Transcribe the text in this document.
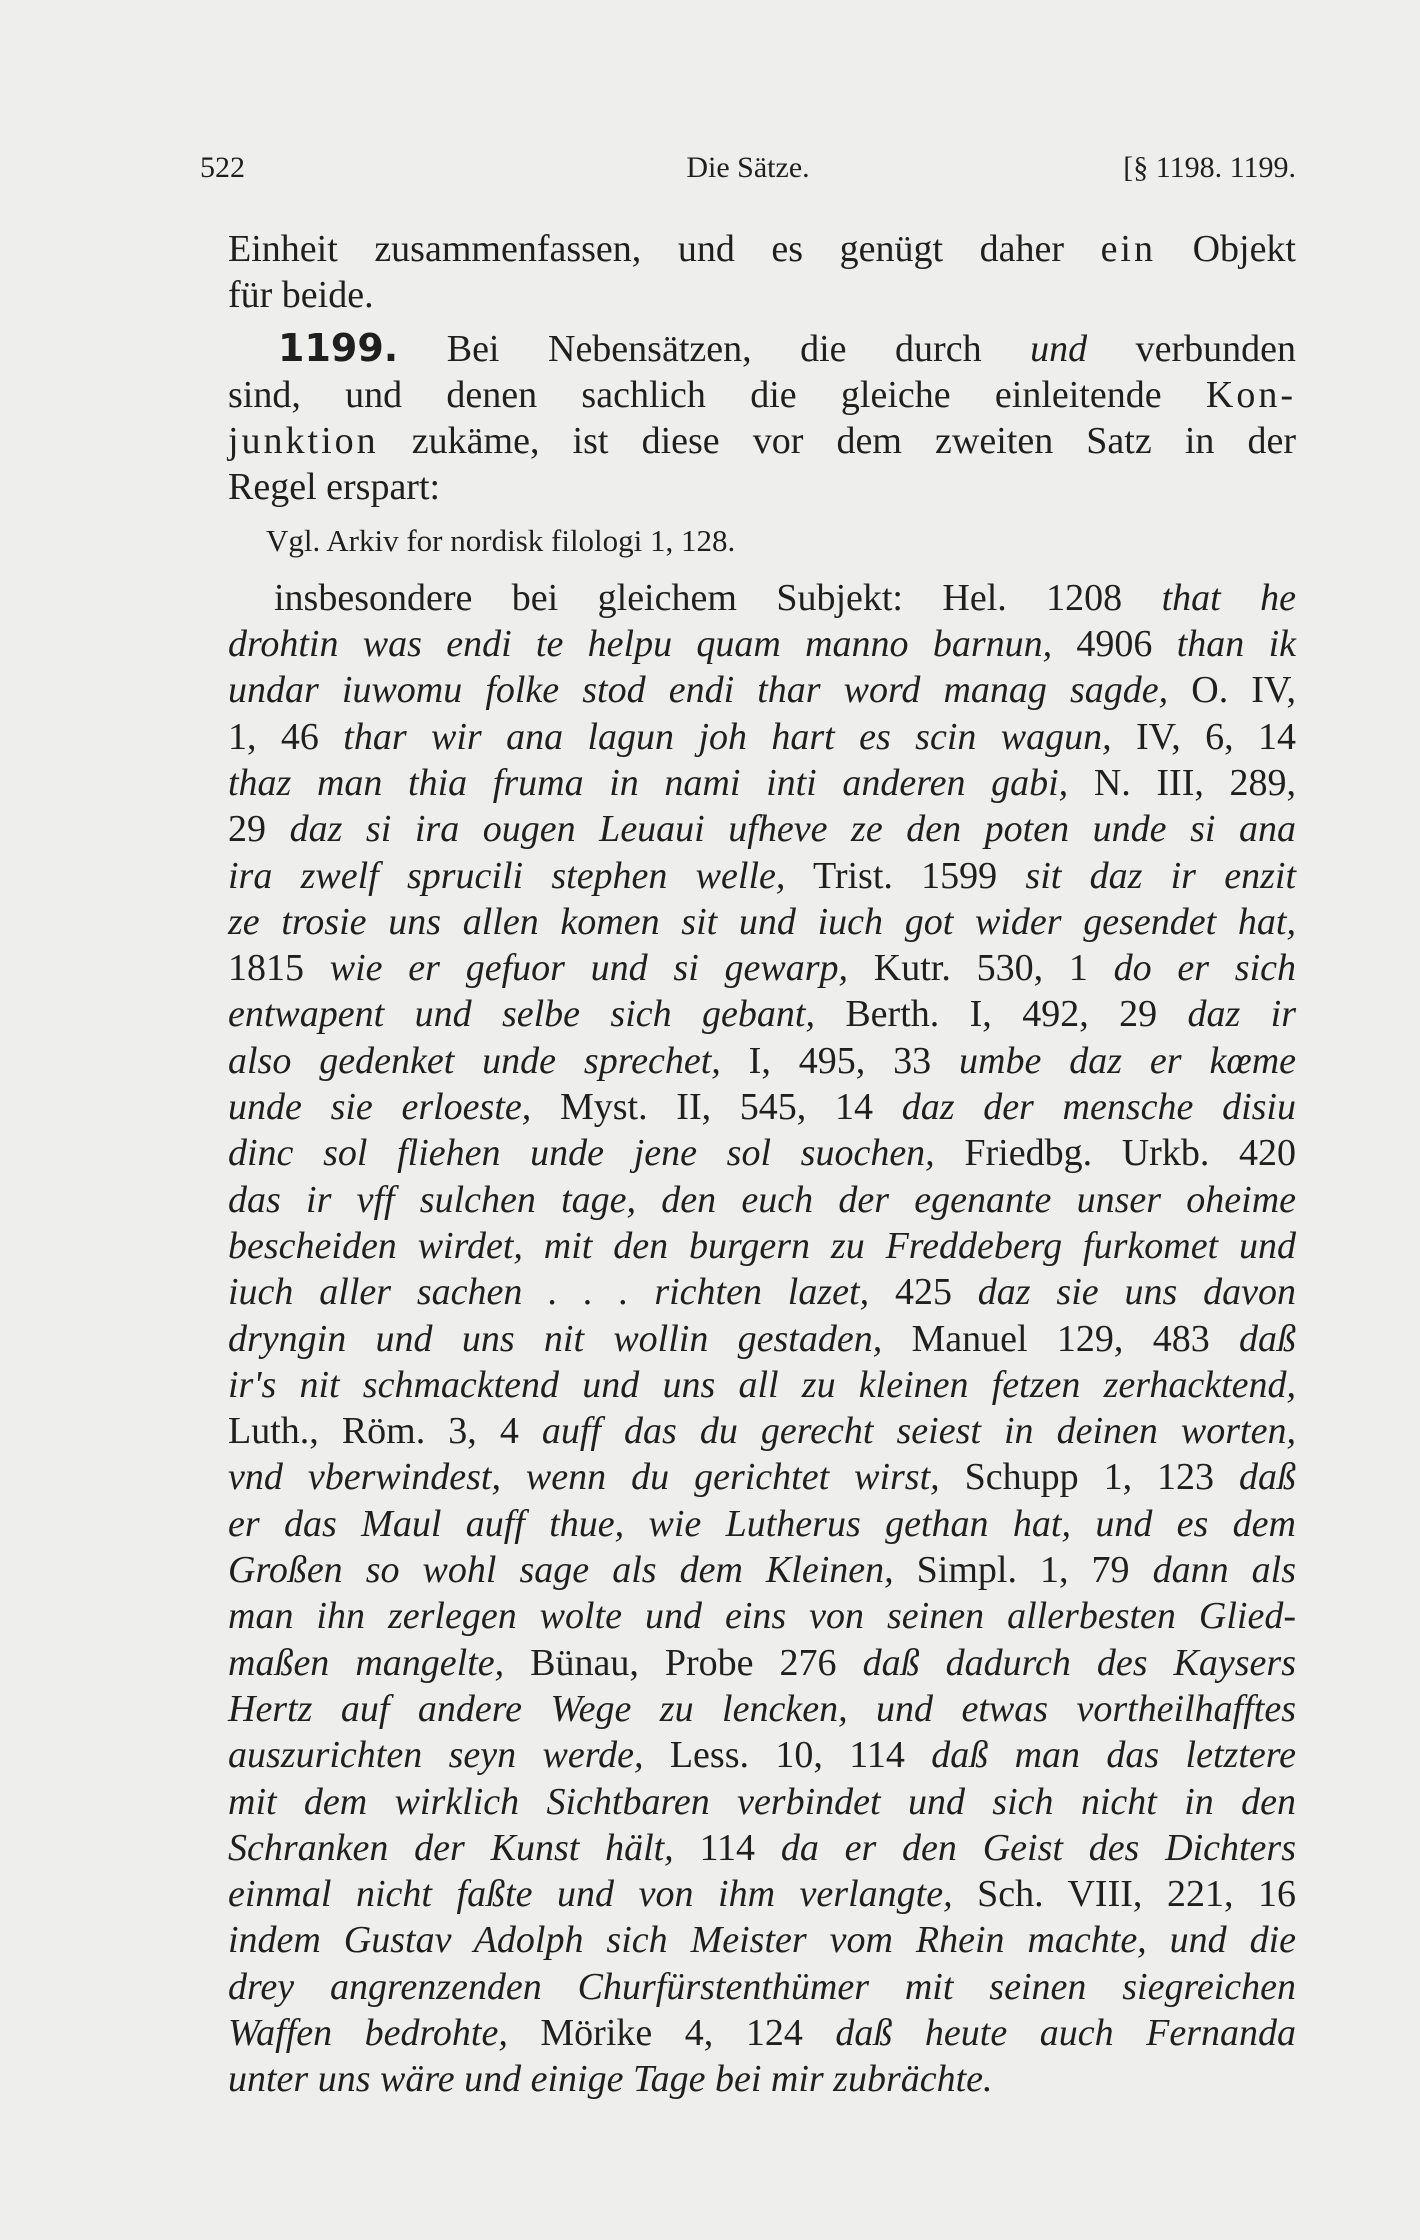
522	Die Sätze.	[§ 1198. 1199.
Einheit zusammenfassen, und es genügt daher ein Objekt
für beide.
1199. Bei Nebensätzen, die durch und verbunden
sind, und denen sachlich die gleiche einleitende Kon-
junktion zukäme, ist diese vor dem zweiten Satz in der
Regel erspart:
Vgl. Arkiv for nordisk filologi 1, 128.
insbesondere bei gleichem Subjekt: Hel. 1208 that he
drohtin was endi te helpu quam manno barnun, 4906 than ik
undar iuwomu folke stod endi thar word manag sagde, O. IV,
1, 46 thar wir ana lagun joh hart es scin wagun, IV, 6, 14
thaz man thia fruma in nami inti anderen gabi, N. III, 289,
29 daz si ira ougen Leuaui ufheve ze den poten unde si ana
ira zwelf sprucili stephen welle, Trist. 1599 sit daz ir enzit
ze trosie uns allen komen sit und iuch got wider gesendet hat,
1815 wie er gefuor und si gewarp, Kutr. 530, 1 do er sich
entwapent und selbe sich gebant, Berth. I, 492, 29 daz ir
also gedenket unde sprechet, I, 495, 33 umbe daz er kœme
unde sie erloeste, Myst. II, 545, 14 daz der mensche disiu
dinc sol fliehen unde jene sol suochen, Friedbg. Urkb. 420
das ir vff sulchen tage, den euch der egenante unser oheime
bescheiden wirdet, mit den burgern zu Freddeberg furkomet und
iuch aller sachen . . . richten lazet, 425 daz sie uns davon
dryngin und uns nit wollin gestaden, Manuel 129, 483 daß
ir's nit schmacktend und uns all zu kleinen fetzen zerhacktend,
Luth., Röm. 3, 4 auff das du gerecht seiest in deinen worten,
vnd vberwindest, wenn du gerichtet wirst, Schupp 1, 123 daß
er das Maul auff thue, wie Lutherus gethan hat, und es dem
Großen so wohl sage als dem Kleinen, Simpl. 1, 79 dann als
man ihn zerlegen wolte und eins von seinen allerbesten Glied-
maßen mangelte, Bünau, Probe 276 daß dadurch des Kaysers
Hertz auf andere Wege zu lencken, und etwas vortheilhafftes
auszurichten seyn werde, Less. 10, 114 daß man das letztere
mit dem wirklich Sichtbaren verbindet und sich nicht in den
Schranken der Kunst hält, 114 da er den Geist des Dichters
einmal nicht faßte und von ihm verlangte, Sch. VIII, 221, 16
indem Gustav Adolph sich Meister vom Rhein machte, und die
drey angrenzenden Churfürstenthümer mit seinen siegreichen
Waffen bedrohte, Mörike 4, 124 daß heute auch Fernanda
unter uns wäre und einige Tage bei mir zubrächte.
